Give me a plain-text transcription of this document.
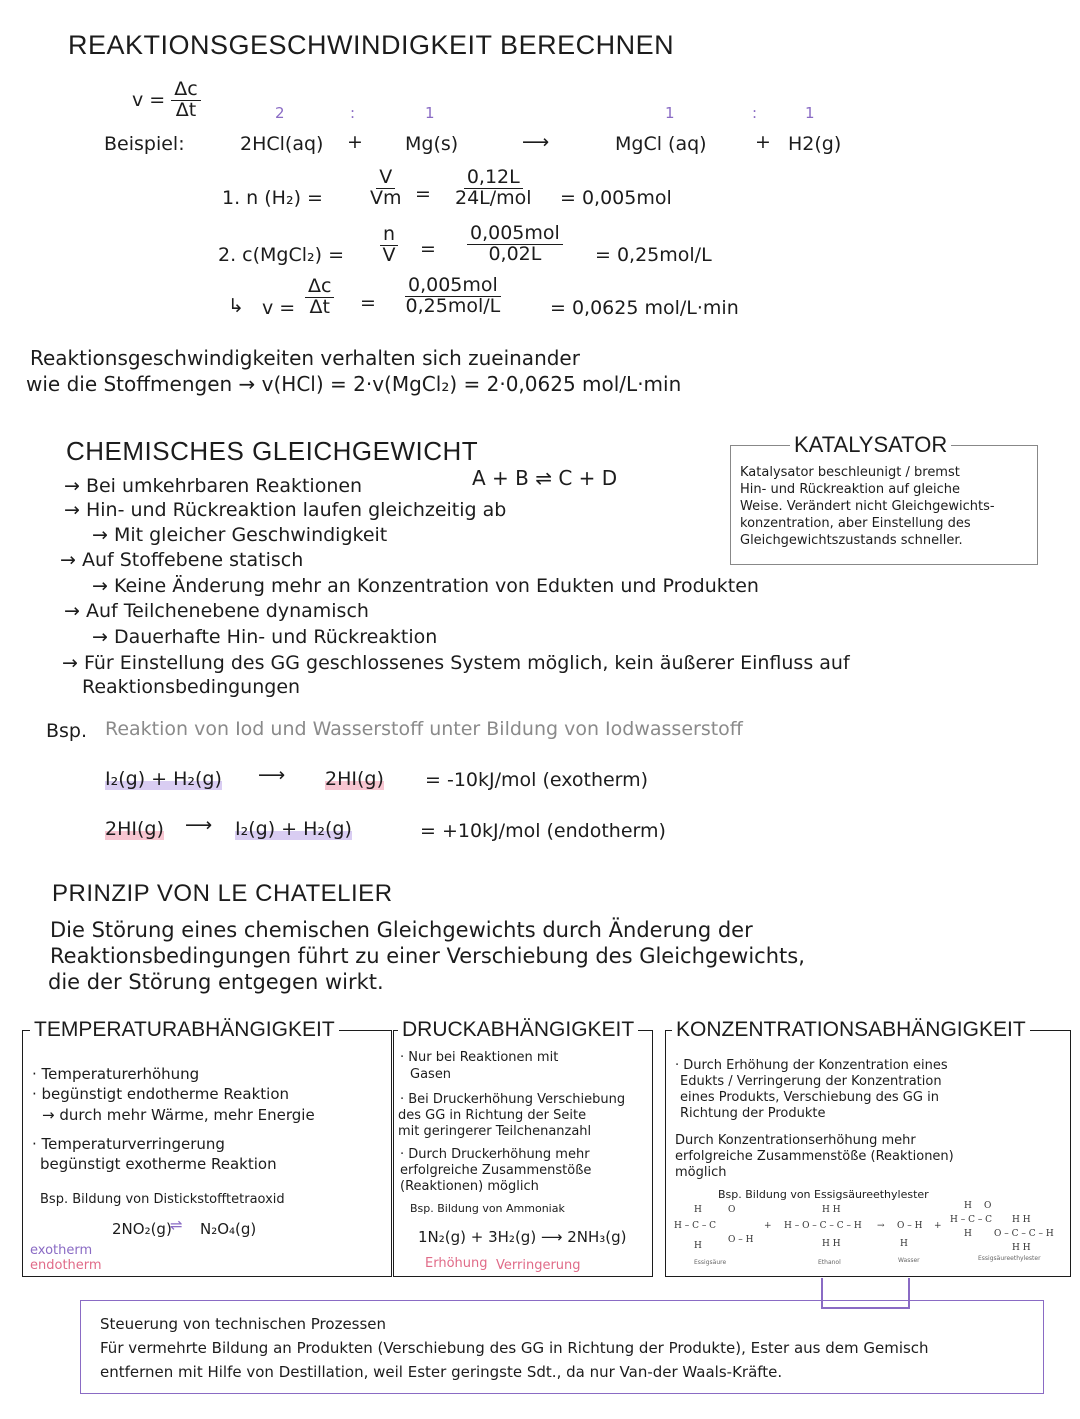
REAKTIONSGESCHWINDIGKEIT BERECHNEN
$v = \frac{\Delta c}{\Delta t}$	2	:	1	1	:	1
Beispiel:	2HCl(aq) + Mg(s)	⟶	MgCl (aq)	+ H2(g)
1. n $(H_2) = \frac{V}{Vm} = \frac{0,12L}{\text{24L/mol}} = 0,005mol$
2. c(MgCl₂) = $\frac{n}{V} = \frac{\text{0,005mol}}{0,02L} = 0,25mol/L$
↳ $v = \frac{\Delta c}{\Delta t} = \frac{\text{0,005mol}}{\text{0,25mol/L}}$	= 0,0625 mol/L·min
Reaktionsgeschwindigkeiten verhalten sich zueinander
wie die Stoffmengen → v(HCl) = 2·v(MgCl₂) = 2·0,0625 mol/L·min
CHEMISCHES GLEICHGEWICHT
A + B ⇌ C + D
→ Bei umkehrbaren Reaktionen
→ Hin- und Rückreaktion laufen gleichzeitig ab
→ Mit gleicher Geschwindigkeit
→ Auf Stoffebene statisch
→ Keine Änderung mehr an Konzentration von Edukten und Produkten
→ Auf Teilchenebene dynamisch
→ Dauerhafte Hin- und Rückreaktion
→ Für Einstellung des GG geschlossenes System möglich, kein äußerer Einfluss auf
Reaktionsbedingungen
KATALYSATOR
Katalysator beschleunigt / bremst
Hin- und Rückreaktion auf gleiche
Weise. Verändert nicht Gleichgewichts-
konzentration, aber Einstellung des
Gleichgewichtszustands schneller.
Bsp. Reaktion von Iod und Wasserstoff unter Bildung von Iodwasserstoff
I₂(g) + H₂(g) ⟶ 2HI(g) = -10kJ/mol (exotherm)
2HI(g) ⟶ I₂(g) + H₂(g)	= +10kJ/mol (endotherm)
PRINZIP VON LE CHATELIER
Die Störung eines chemischen Gleichgewichts durch Änderung der
Reaktionsbedingungen führt zu einer Verschiebung des Gleichgewichts,
die der Störung entgegen wirkt.
TEMPERATURABHÄNGIGKEIT
· Temperaturerhöhung
· begünstigt endotherme Reaktion
→ durch mehr Wärme, mehr Energie
· Temperaturverringerung
begünstigt exotherme Reaktion
Bsp. Bildung von Distickstofftetraoxid
2NO₂(g)
⇌ N₂O₄(g)
exotherm
endotherm
DRUCKABHÄNGIGKEIT
· Nur bei Reaktionen mit
Gasen
· Bei Druckerhöhung Verschiebung
des GG in Richtung der Seite
mit geringerer Teilchenanzahl
· Durch Druckerhöhung mehr
erfolgreiche Zusammenstöße
(Reaktionen) möglich
Bsp. Bildung von Ammoniak
1N₂(g) + 3H₂(g) ⟶ 2NH₃(g)
Erhöhung Verringerung
KONZENTRATIONSABHÄNGIGKEIT
· Durch Erhöhung der Konzentration eines
Edukts / Verringerung der Konzentration
eines Produkts, Verschiebung des GG in
Richtung der Produkte
Durch Konzentrationserhöhung mehr
erfolgreiche Zusammenstöße (Reaktionen)
möglich
Bsp. Bildung von Essigsäureethylester
H	O
H – C – C
O – H
H
+
H H
H – O – C – C – H
H H
→ O – H
H
+
H O
H – C – C H H
H O – C – C – H
H H
Essigsäure	Ethanol	Wasser	Essigsäureethylester
Steuerung von technischen Prozessen
Für vermehrte Bildung an Produkten (Verschiebung des GG in Richtung der Produkte), Ester aus dem Gemisch
entfernen mit Hilfe von Destillation, weil Ester geringste Sdt., da nur Van-der Waals-Kräfte.
